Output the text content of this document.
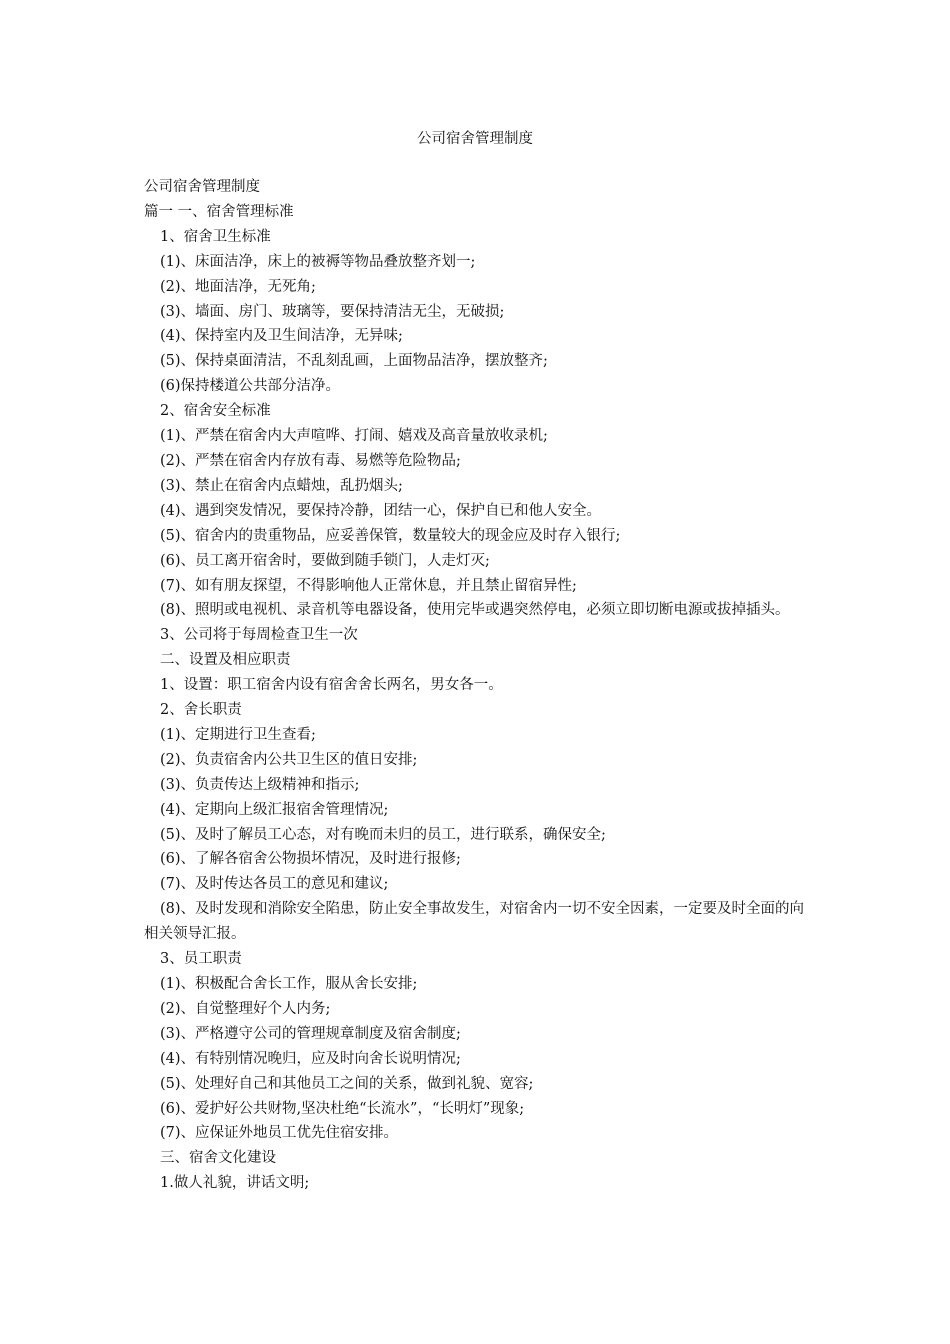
公司宿舍管理制度
公司宿舍管理制度
篇一 一、宿舍管理标准
1、宿舍卫生标准
(1)、床面洁净，床上的被褥等物品叠放整齐划一;
(2)、地面洁净，无死角;
(3)、墙面、房门、玻璃等，要保持清洁无尘，无破损;
(4)、保持室内及卫生间洁净，无异味;
(5)、保持桌面清洁，不乱刻乱画，上面物品洁净，摆放整齐;
(6)保持楼道公共部分洁净。
2、宿舍安全标准
(1)、严禁在宿舍内大声喧哗、打闹、嬉戏及高音量放收录机;
(2)、严禁在宿舍内存放有毒、易燃等危险物品;
(3)、禁止在宿舍内点蜡烛，乱扔烟头;
(4)、遇到突发情况，要保持冷静，团结一心，保护自已和他人安全。
(5)、宿舍内的贵重物品，应妥善保管，数量较大的现金应及时存入银行;
(6)、员工离开宿舍时，要做到随手锁门，人走灯灭;
(7)、如有朋友探望，不得影响他人正常休息，并且禁止留宿异性;
(8)、照明或电视机、录音机等电器设备，使用完毕或遇突然停电，必须立即切断电源或拔掉插头。
3、公司将于每周检查卫生一次
二、设置及相应职责
1、设置：职工宿舍内设有宿舍舍长两名，男女各一。
2、舍长职责
(1)、定期进行卫生查看;
(2)、负责宿舍内公共卫生区的值日安排;
(3)、负责传达上级精神和指示;
(4)、定期向上级汇报宿舍管理情况;
(5)、及时了解员工心态，对有晚而未归的员工，进行联系，确保安全;
(6)、了解各宿舍公物损坏情况，及时进行报修;
(7)、及时传达各员工的意见和建议;
(8)、及时发现和消除安全陷患，防止安全事故发生，对宿舍内一切不安全因素，一定要及时全面的向相关领导汇报。
3、员工职责
(1)、积极配合舍长工作，服从舍长安排;
(2)、自觉整理好个人内务;
(3)、严格遵守公司的管理规章制度及宿舍制度;
(4)、有特别情况晚归，应及时向舍长说明情况;
(5)、处理好自己和其他员工之间的关系，做到礼貌、宽容;
(6)、爱护好公共财物,坚决杜绝“长流水”，“长明灯”现象;
(7)、应保证外地员工优先住宿安排。
三、宿舍文化建设
1.做人礼貌，讲话文明;
